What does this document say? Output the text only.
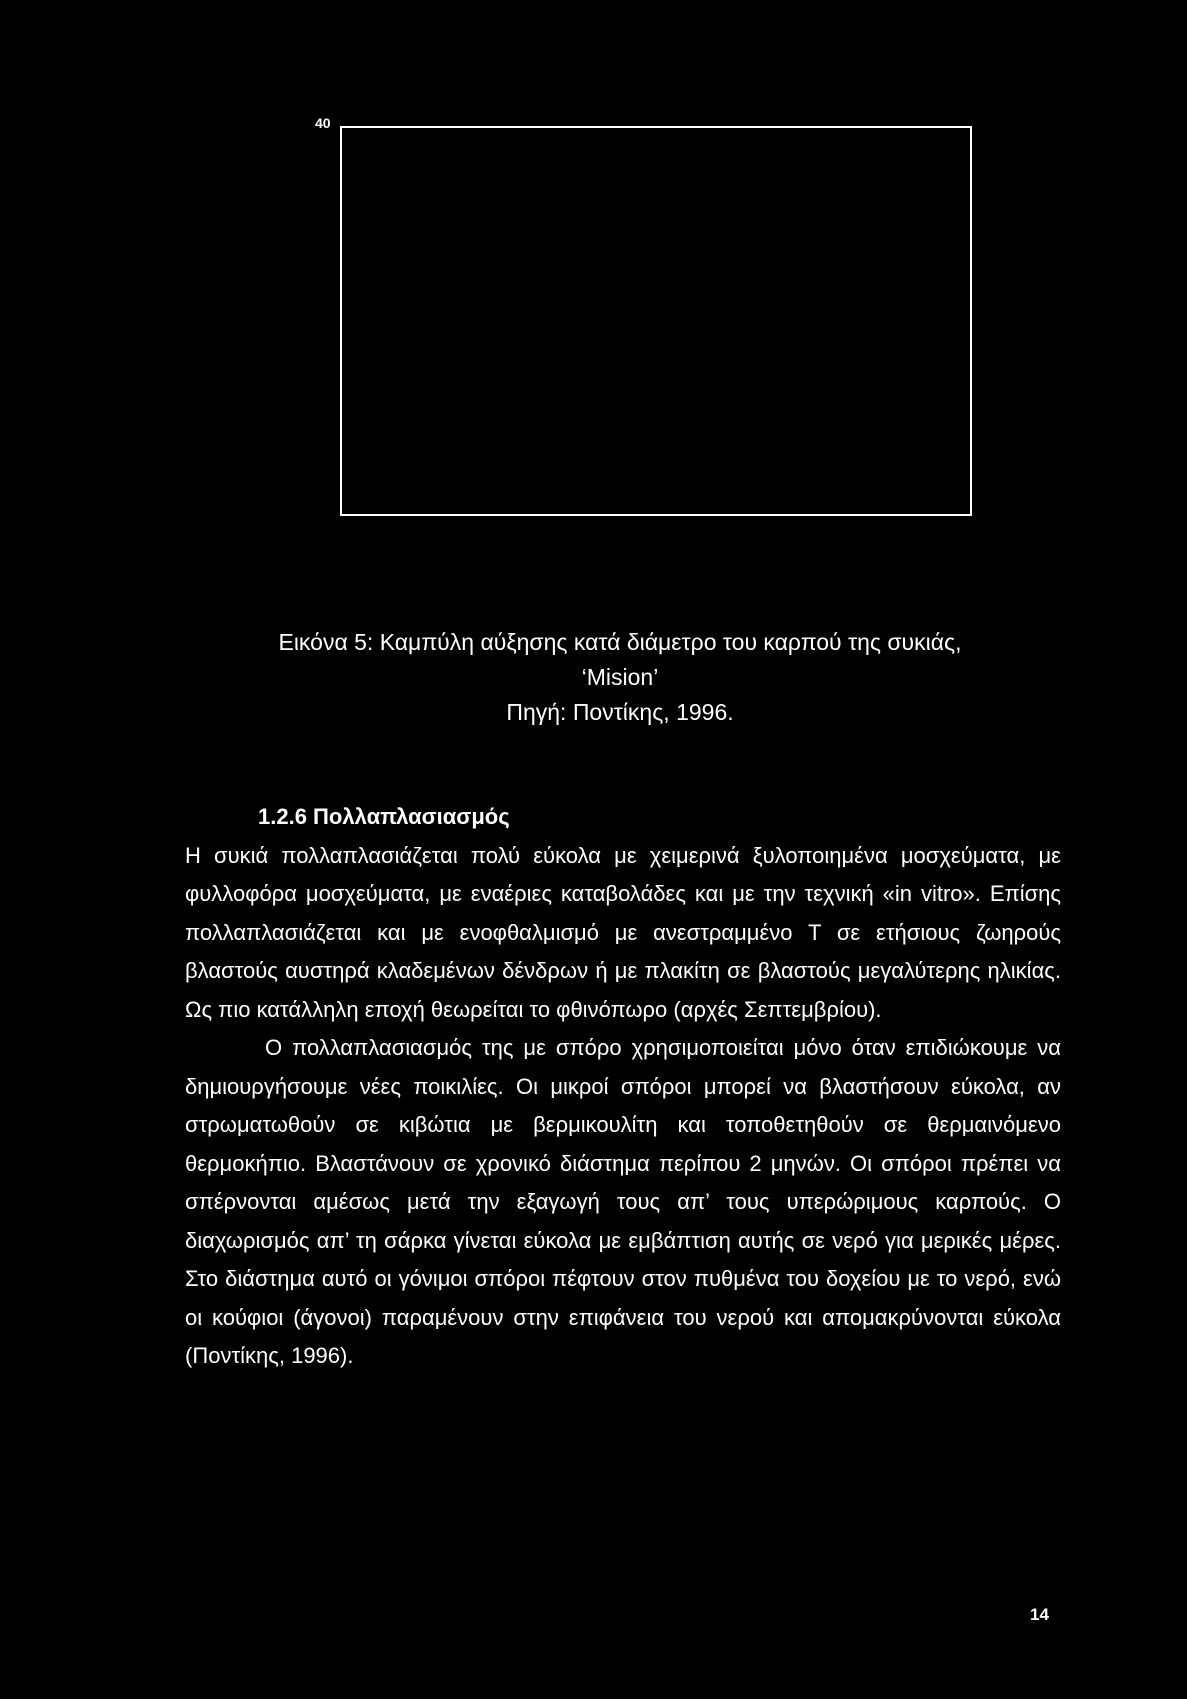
40
Εικόνα 5: Καμπύλη αύξησης κατά διάμετρο του καρπού της συκιάς,
‘Mision’
Πηγή: Ποντίκης, 1996.
1.2.6 Πολλαπλασιασμός

Η συκιά πολλαπλασιάζεται πολύ εύκολα με χειμερινά ξυλοποιημένα μοσχεύματα, με φυλλοφόρα μοσχεύματα, με εναέριες καταβολάδες και με την τεχνική «in vitro». Επίσης πολλαπλασιάζεται και με ενοφθαλμισμό με ανεστραμμένο Τ σε ετήσιους ζωηρούς βλαστούς αυστηρά κλαδεμένων δένδρων ή με πλακίτη σε βλαστούς μεγαλύτερης ηλικίας. Ως πιο κατάλληλη εποχή θεωρείται το φθινόπωρο (αρχές Σεπτεμβρίου).

Ο πολλαπλασιασμός της με σπόρο χρησιμοποιείται μόνο όταν επιδιώκουμε να δημιουργήσουμε νέες ποικιλίες. Οι μικροί σπόροι μπορεί να βλαστήσουν εύκολα, αν στρωματωθούν σε κιβώτια με βερμικουλίτη και τοποθετηθούν σε θερμαινόμενο θερμοκήπιο. Βλαστάνουν σε χρονικό διάστημα περίπου 2 μηνών. Οι σπόροι πρέπει να σπέρνονται αμέσως μετά την εξαγωγή τους απ’ τους υπερώριμους καρπούς. Ο διαχωρισμός απ’ τη σάρκα γίνεται εύκολα με εμβάπτιση αυτής σε νερό για μερικές μέρες. Στο διάστημα αυτό οι γόνιμοι σπόροι πέφτουν στον πυθμένα του δοχείου με το νερό, ενώ οι κούφιοι (άγονοι) παραμένουν στην επιφάνεια του νερού και απομακρύνονται εύκολα (Ποντίκης, 1996).

14
